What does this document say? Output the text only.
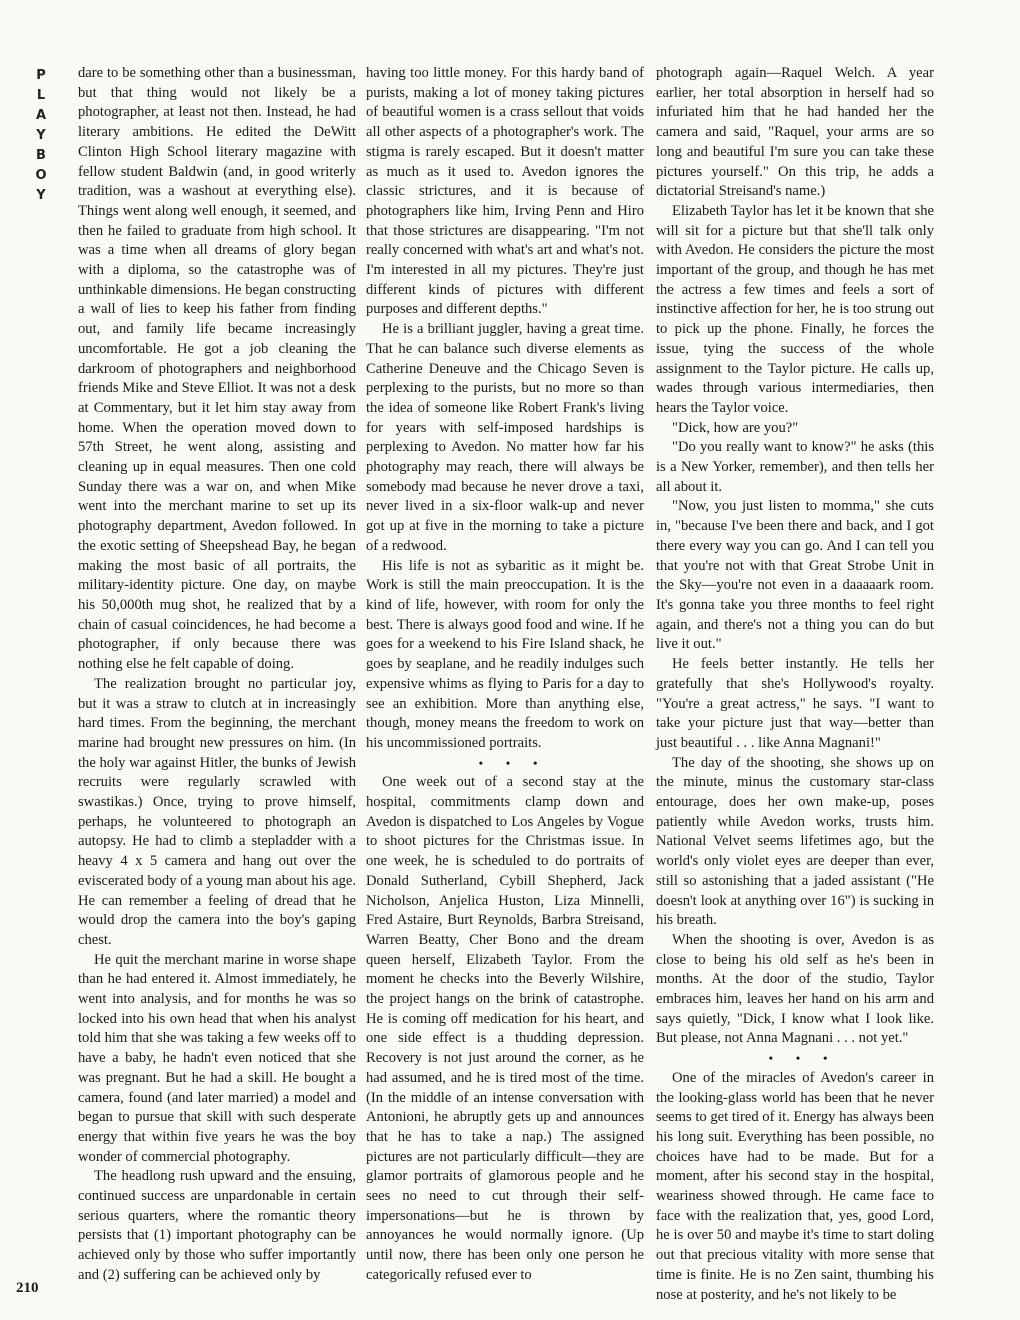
P
L
A
Y
B
O
Y
210

dare to be something other than a businessman, but that thing would not likely be a photographer, at least not then. Instead, he had literary ambitions. He edited the DeWitt Clinton High School literary magazine with fellow student Baldwin (and, in good writerly tradition, was a washout at everything else). Things went along well enough, it seemed, and then he failed to graduate from high school. It was a time when all dreams of glory began with a diploma, so the catastrophe was of unthinkable dimensions. He began constructing a wall of lies to keep his father from finding out, and family life became increasingly uncomfortable. He got a job cleaning the darkroom of photographers and neighborhood friends Mike and Steve Elliot. It was not a desk at Commentary, but it let him stay away from home. When the operation moved down to 57th Street, he went along, assisting and cleaning up in equal measures. Then one cold Sunday there was a war on, and when Mike went into the merchant marine to set up its photography department, Avedon followed. In the exotic setting of Sheepshead Bay, he began making the most basic of all portraits, the military-identity picture. One day, on maybe his 50,000th mug shot, he realized that by a chain of casual coincidences, he had become a photographer, if only because there was nothing else he felt capable of doing.

The realization brought no particular joy, but it was a straw to clutch at in increasingly hard times. From the beginning, the merchant marine had brought new pressures on him. (In the holy war against Hitler, the bunks of Jewish recruits were regularly scrawled with swastikas.) Once, trying to prove himself, perhaps, he volunteered to photograph an autopsy. He had to climb a stepladder with a heavy 4 x 5 camera and hang out over the eviscerated body of a young man about his age. He can remember a feeling of dread that he would drop the camera into the boy's gaping chest.

He quit the merchant marine in worse shape than he had entered it. Almost immediately, he went into analysis, and for months he was so locked into his own head that when his analyst told him that she was taking a few weeks off to have a baby, he hadn't even noticed that she was pregnant. But he had a skill. He bought a camera, found (and later married) a model and began to pursue that skill with such desperate energy that within five years he was the boy wonder of commercial photography.

The headlong rush upward and the ensuing, continued success are unpardonable in certain serious quarters, where the romantic theory persists that (1) important photography can be achieved only by those who suffer importantly and (2) suffering can be achieved only by

having too little money. For this hardy band of purists, making a lot of money taking pictures of beautiful women is a crass sellout that voids all other aspects of a photographer's work. The stigma is rarely escaped. But it doesn't matter as much as it used to. Avedon ignores the classic strictures, and it is because of photographers like him, Irving Penn and Hiro that those strictures are disappearing. "I'm not really concerned with what's art and what's not. I'm interested in all my pictures. They're just different kinds of pictures with different purposes and different depths."

He is a brilliant juggler, having a great time. That he can balance such diverse elements as Catherine Deneuve and the Chicago Seven is perplexing to the purists, but no more so than the idea of someone like Robert Frank's living for years with self-imposed hardships is perplexing to Avedon. No matter how far his photography may reach, there will always be somebody mad because he never drove a taxi, never lived in a six-floor walk-up and never got up at five in the morning to take a picture of a redwood.

His life is not as sybaritic as it might be. Work is still the main preoccupation. It is the kind of life, however, with room for only the best. There is always good food and wine. If he goes for a weekend to his Fire Island shack, he goes by seaplane, and he readily indulges such expensive whims as flying to Paris for a day to see an exhibition. More than anything else, though, money means the freedom to work on his uncommissioned portraits.

• • •

One week out of a second stay at the hospital, commitments clamp down and Avedon is dispatched to Los Angeles by Vogue to shoot pictures for the Christmas issue. In one week, he is scheduled to do portraits of Donald Sutherland, Cybill Shepherd, Jack Nicholson, Anjelica Huston, Liza Minnelli, Fred Astaire, Burt Reynolds, Barbra Streisand, Warren Beatty, Cher Bono and the dream queen herself, Elizabeth Taylor. From the moment he checks into the Beverly Wilshire, the project hangs on the brink of catastrophe. He is coming off medication for his heart, and one side effect is a thudding depression. Recovery is not just around the corner, as he had assumed, and he is tired most of the time. (In the middle of an intense conversation with Antonioni, he abruptly gets up and announces that he has to take a nap.) The assigned pictures are not particularly difficult—they are glamor portraits of glamorous people and he sees no need to cut through their self-impersonations—but he is thrown by annoyances he would normally ignore. (Up until now, there has been only one person he categorically refused ever to

photograph again—Raquel Welch. A year earlier, her total absorption in herself had so infuriated him that he had handed her the camera and said, "Raquel, your arms are so long and beautiful I'm sure you can take these pictures yourself." On this trip, he adds a dictatorial Streisand's name.)

Elizabeth Taylor has let it be known that she will sit for a picture but that she'll talk only with Avedon. He considers the picture the most important of the group, and though he has met the actress a few times and feels a sort of instinctive affection for her, he is too strung out to pick up the phone. Finally, he forces the issue, tying the success of the whole assignment to the Taylor picture. He calls up, wades through various intermediaries, then hears the Taylor voice.

"Dick, how are you?"

"Do you really want to know?" he asks (this is a New Yorker, remember), and then tells her all about it.

"Now, you just listen to momma," she cuts in, "because I've been there and back, and I got there every way you can go. And I can tell you that you're not with that Great Strobe Unit in the Sky—you're not even in a daaaaark room. It's gonna take you three months to feel right again, and there's not a thing you can do but live it out."

He feels better instantly. He tells her gratefully that she's Hollywood's royalty. "You're a great actress," he says. "I want to take your picture just that way—better than just beautiful . . . like Anna Magnani!"

The day of the shooting, she shows up on the minute, minus the customary star-class entourage, does her own make-up, poses patiently while Avedon works, trusts him. National Velvet seems lifetimes ago, but the world's only violet eyes are deeper than ever, still so astonishing that a jaded assistant ("He doesn't look at anything over 16") is sucking in his breath.

When the shooting is over, Avedon is as close to being his old self as he's been in months. At the door of the studio, Taylor embraces him, leaves her hand on his arm and says quietly, "Dick, I know what I look like. But please, not Anna Magnani . . . not yet."

• • •

One of the miracles of Avedon's career in the looking-glass world has been that he never seems to get tired of it. Energy has always been his long suit. Everything has been possible, no choices have had to be made. But for a moment, after his second stay in the hospital, weariness showed through. He came face to face with the realization that, yes, good Lord, he is over 50 and maybe it's time to start doling out that precious vitality with more sense that time is finite. He is no Zen saint, thumbing his nose at posterity, and he's not likely to be
